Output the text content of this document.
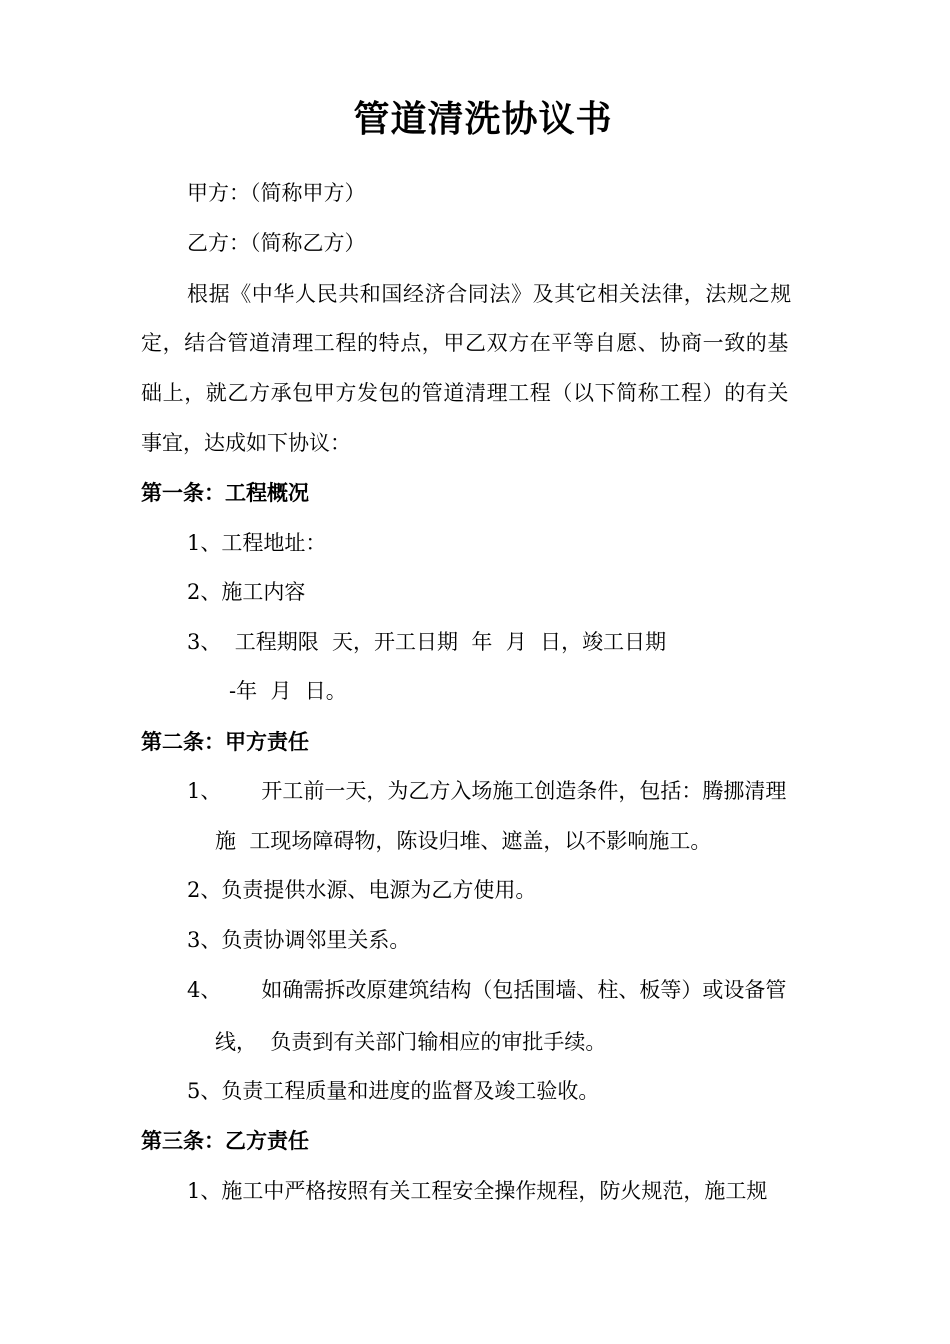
管道清洗协议书
甲方：（简称甲方）
乙方：（简称乙方）
根据《中华人民共和国经济合同法》及其它相关法律，法规之规
定，结合管道清理工程的特点，甲乙双方在平等自愿、协商一致的基
础上，就乙方承包甲方发包的管道清理工程（以下简称工程）的有关
事宜，达成如下协议：
第一条：工程概况
1、工程地址：
2、施工内容
3、  工程期限  天，开工日期  年  月  日，竣工日期
-年  月  日。
第二条：甲方责任
1、      开工前一天，为乙方入场施工创造条件，包括：腾挪清理
施  工现场障碍物，陈设归堆、遮盖，以不影响施工。
2、负责提供水源、电源为乙方使用。
3、负责协调邻里关系。
4、      如确需拆改原建筑结构（包括围墙、柱、板等）或设备管
线，  负责到有关部门输相应的审批手续。
5、负责工程质量和进度的监督及竣工验收。
第三条：乙方责任
1、施工中严格按照有关工程安全操作规程，防火规范，施工规
